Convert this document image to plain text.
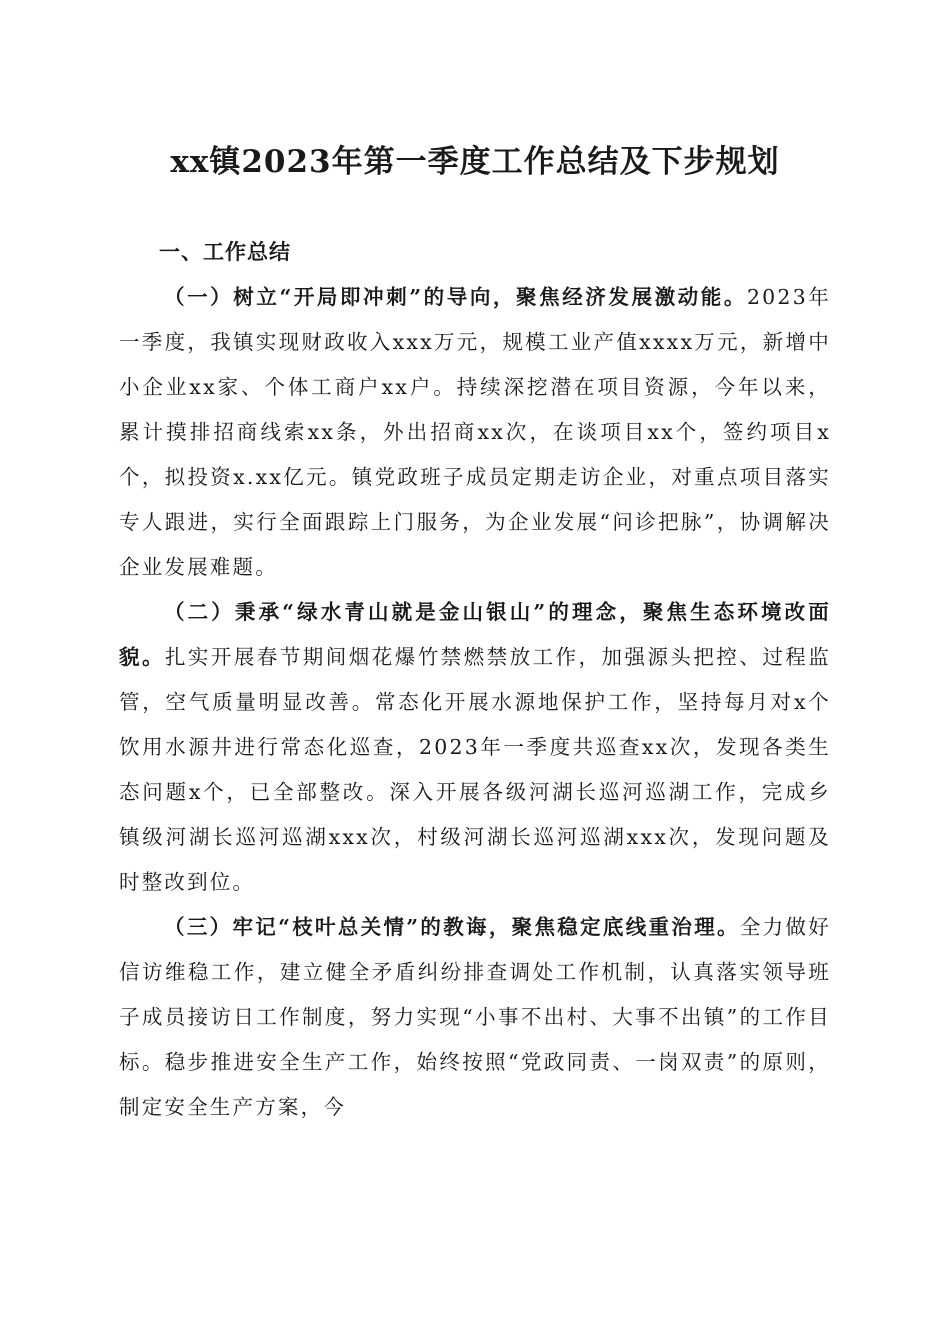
xx镇2023年第一季度工作总结及下步规划

一、工作总结

（一）树立“开局即冲刺”的导向，聚焦经济发展激动能。2023年一季度，我镇实现财政收入xxx万元，规模工业产值xxxx万元，新增中小企业xx家、个体工商户xx户。持续深挖潜在项目资源，今年以来，累计摸排招商线索xx条，外出招商xx次，在谈项目xx个，签约项目x个，拟投资x.xx亿元。镇党政班子成员定期走访企业，对重点项目落实专人跟进，实行全面跟踪上门服务，为企业发展“问诊把脉”，协调解决企业发展难题。

（二）秉承“绿水青山就是金山银山”的理念，聚焦生态环境改面貌。扎实开展春节期间烟花爆竹禁燃禁放工作，加强源头把控、过程监管，空气质量明显改善。常态化开展水源地保护工作，坚持每月对x个饮用水源井进行常态化巡查，2023年一季度共巡查xx次，发现各类生态问题x个，已全部整改。深入开展各级河湖长巡河巡湖工作，完成乡镇级河湖长巡河巡湖xxx次，村级河湖长巡河巡湖xxx次，发现问题及时整改到位。

（三）牢记“枝叶总关情”的教诲，聚焦稳定底线重治理。全力做好信访维稳工作，建立健全矛盾纠纷排查调处工作机制，认真落实领导班子成员接访日工作制度，努力实现“小事不出村、大事不出镇”的工作目标。稳步推进安全生产工作，始终按照“党政同责、一岗双责”的原则，制定安全生产方案，今
